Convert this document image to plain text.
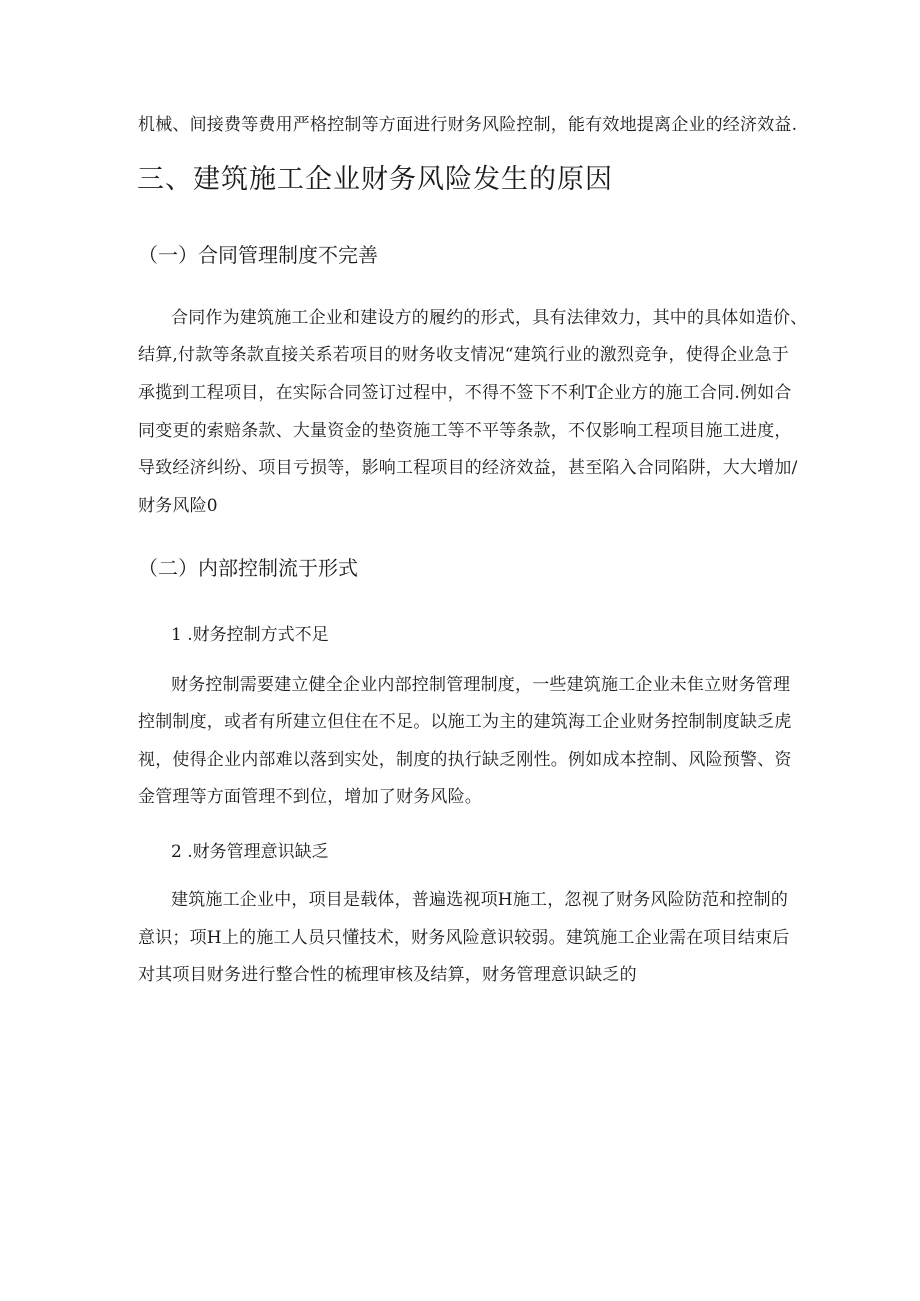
机械、间接费等费用严格控制等方面进行财务风险控制，能有效地提离企业的经济效益.
三、建筑施工企业财务风险发生的原因
（一）合同管理制度不完善
合同作为建筑施工企业和建设方的履约的形式，具有法律效力，其中的具体如造价、
结算,付款等条款直接关系若项目的财务收支情况“建筑行业的激烈竞争，使得企业急于
承揽到工程项目，在实际合同签订过程中，不得不签下不利T企业方的施工合同.例如合
同变更的索赔条款、大量资金的垫资施工等不平等条款，不仅影响工程项目施工进度，
导致经济纠纷、项目亏损等，影响工程项目的经济效益，甚至陷入合同陷阱，大大增加/
财务风险0
（二）内部控制流于形式
1 .财务控制方式不足
财务控制需要建立健全企业内部控制管理制度，一些建筑施工企业未隹立财务管理
控制制度，或者有所建立但住在不足。以施工为主的建筑海工企业财务控制制度缺乏虎
视，使得企业内部难以落到实处，制度的执行缺乏刚性。例如成本控制、风险预警、资
金管理等方面管理不到位，增加了财务风险。
2 .财务管理意识缺乏
建筑施工企业中，项目是载体，普遍选视项H施工，忽视了财务风险防范和控制的
意识；项H上的施工人员只懂技术，财务风险意识较弱。建筑施工企业需在项目结束后
对其项目财务进行整合性的梳理审核及结算，财务管理意识缺乏的
